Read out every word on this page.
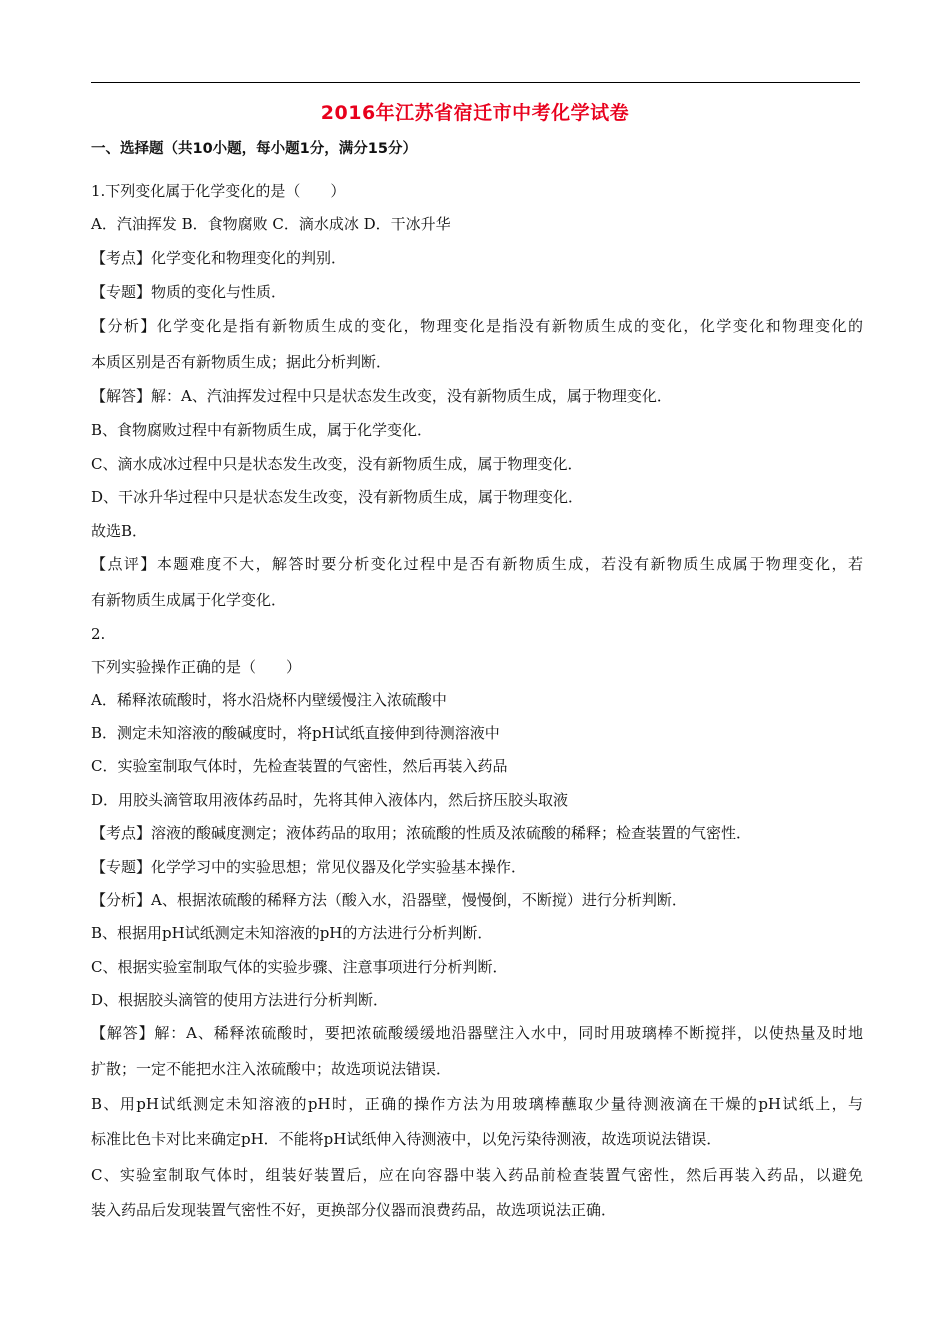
2016年江苏省宿迁市中考化学试卷
一、选择题（共10小题，每小题1分，满分15分）
1.下列变化属于化学变化的是（　　）
A．汽油挥发 B．食物腐败 C．滴水成冰 D．干冰升华
【考点】化学变化和物理变化的判别．
【专题】物质的变化与性质．
【分析】化学变化是指有新物质生成的变化，物理变化是指没有新物质生成的变化，化学变化和物理变化的
本质区别是否有新物质生成；据此分析判断．
【解答】解：A、汽油挥发过程中只是状态发生改变，没有新物质生成，属于物理变化．
B、食物腐败过程中有新物质生成，属于化学变化．
C、滴水成冰过程中只是状态发生改变，没有新物质生成，属于物理变化．
D、干冰升华过程中只是状态发生改变，没有新物质生成，属于物理变化．
故选B．
【点评】本题难度不大，解答时要分析变化过程中是否有新物质生成，若没有新物质生成属于物理变化，若
有新物质生成属于化学变化．
2.
下列实验操作正确的是（　　）
A．稀释浓硫酸时，将水沿烧杯内壁缓慢注入浓硫酸中
B．测定未知溶液的酸碱度时，将pH试纸直接伸到待测溶液中
C．实验室制取气体时，先检查装置的气密性，然后再装入药品
D．用胶头滴管取用液体药品时，先将其伸入液体内，然后挤压胶头取液
【考点】溶液的酸碱度测定；液体药品的取用；浓硫酸的性质及浓硫酸的稀释；检查装置的气密性．
【专题】化学学习中的实验思想；常见仪器及化学实验基本操作．
【分析】A、根据浓硫酸的稀释方法（酸入水，沿器壁，慢慢倒，不断搅）进行分析判断．
B、根据用pH试纸测定未知溶液的pH的方法进行分析判断．
C、根据实验室制取气体的实验步骤、注意事项进行分析判断．
D、根据胶头滴管的使用方法进行分析判断．
【解答】解：A、稀释浓硫酸时，要把浓硫酸缓缓地沿器壁注入水中，同时用玻璃棒不断搅拌，以使热量及时地
扩散；一定不能把水注入浓硫酸中；故选项说法错误．
B、用pH试纸测定未知溶液的pH时，正确的操作方法为用玻璃棒蘸取少量待测液滴在干燥的pH试纸上，与
标准比色卡对比来确定pH．不能将pH试纸伸入待测液中，以免污染待测液，故选项说法错误．
C、实验室制取气体时，组装好装置后，应在向容器中装入药品前检查装置气密性，然后再装入药品，以避免
装入药品后发现装置气密性不好，更换部分仪器而浪费药品，故选项说法正确．
